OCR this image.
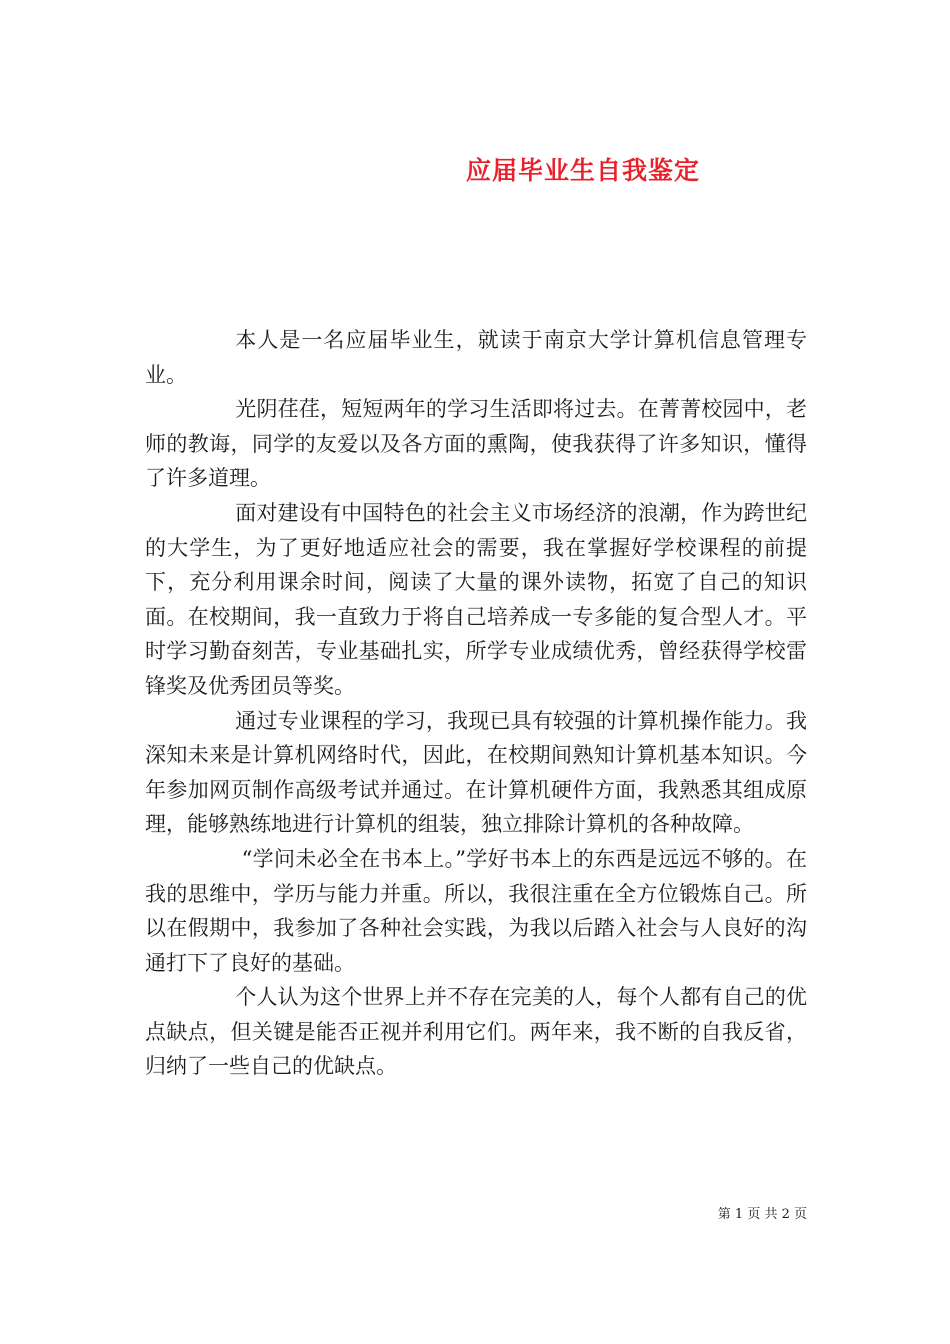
应届毕业生自我鉴定

本人是一名应届毕业生，就读于南京大学计算机信息管理专业。

光阴荏荏，短短两年的学习生活即将过去。在菁菁校园中，老师的教诲，同学的友爱以及各方面的熏陶，使我获得了许多知识，懂得了许多道理。

面对建设有中国特色的社会主义市场经济的浪潮，作为跨世纪的大学生，为了更好地适应社会的需要，我在掌握好学校课程的前提下，充分利用课余时间，阅读了大量的课外读物，拓宽了自己的知识面。在校期间，我一直致力于将自己培养成一专多能的复合型人才。平时学习勤奋刻苦，专业基础扎实，所学专业成绩优秀，曾经获得学校雷锋奖及优秀团员等奖。

通过专业课程的学习，我现已具有较强的计算机操作能力。我深知未来是计算机网络时代，因此，在校期间熟知计算机基本知识。今年参加网页制作高级考试并通过。在计算机硬件方面，我熟悉其组成原理，能够熟练地进行计算机的组装，独立排除计算机的各种故障。

“学问未必全在书本上。”学好书本上的东西是远远不够的。在我的思维中，学历与能力并重。所以，我很注重在全方位锻炼自己。所以在假期中，我参加了各种社会实践，为我以后踏入社会与人良好的沟通打下了良好的基础。

个人认为这个世界上并不存在完美的人，每个人都有自己的优点缺点，但关键是能否正视并利用它们。两年来，我不断的自我反省，归纳了一些自己的优缺点。

第 1 页 共 2 页
